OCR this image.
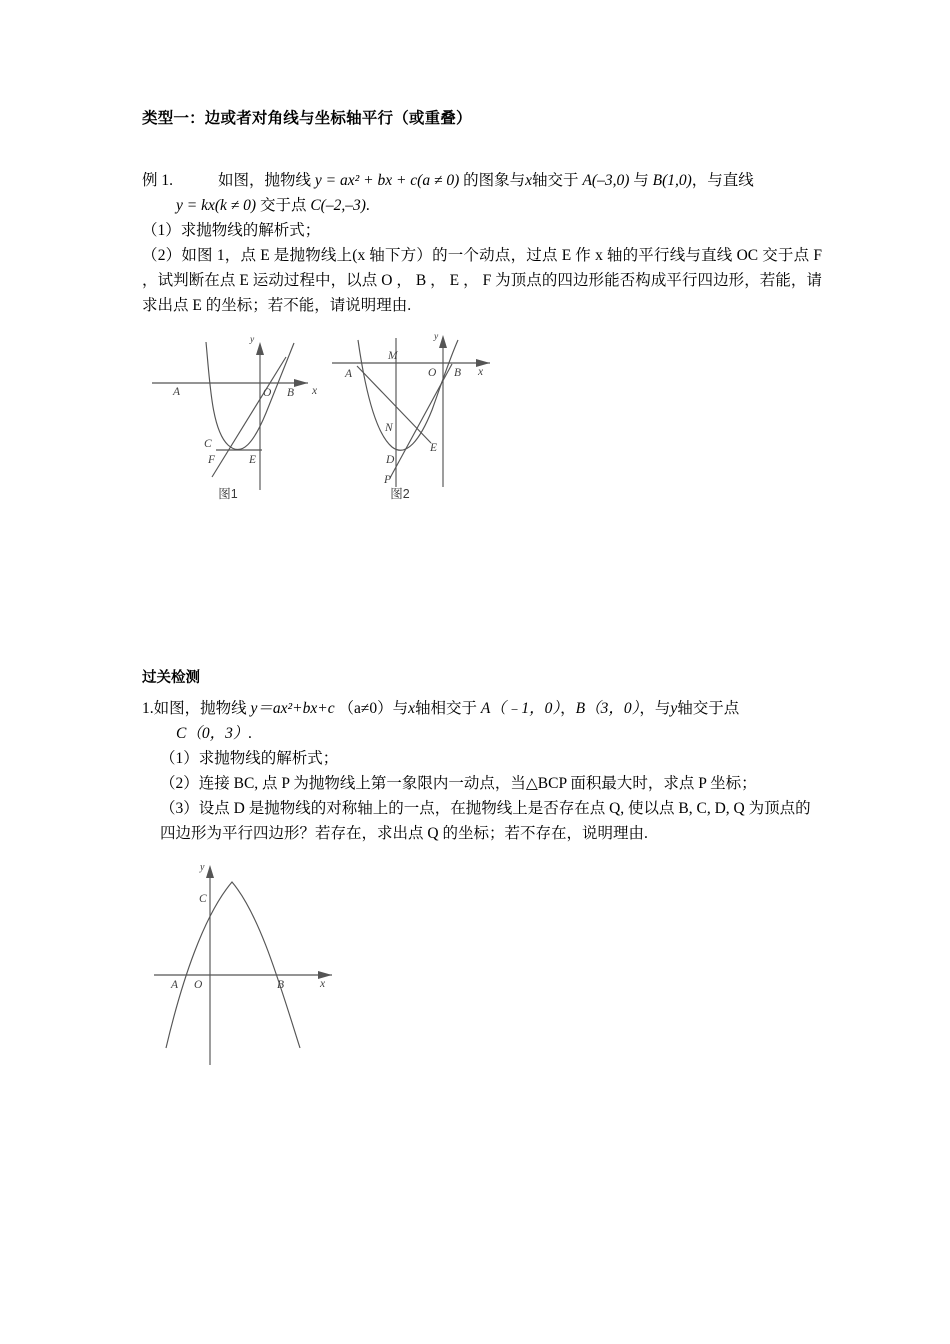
类型一：边或者对角线与坐标轴平行（或重叠）
例 1.	如图，抛物线 y = ax² + bx + c(a ≠ 0) 的图象与x轴交于 A(–3,0) 与 B(1,0)，与直线
y = kx(k ≠ 0) 交于点 C(–2,–3).
（1）求抛物线的解析式；
（2）如图 1，点 E 是抛物线上(x 轴下方）的一个动点，过点 E 作 x 轴的平行线与直线 OC 交于点 F ，试判断在点 E 运动过程中，以点 O ， B ， E ， F 为顶点的四边形能否构成平行四边形，若能，请求出点 E 的坐标；若不能，请说明理由.
A	O B x
y
C
F	E
图1
A
M
O B x
y
N
E
D
P
图2
过关检测
1.如图，抛物线 y＝ax²+bx+c （a≠0）与x轴相交于 A（﹣1，0），B（3，0），与y轴交于点
C（0，3）.
（1）求抛物线的解析式；
（2）连接 BC, 点 P 为抛物线上第一象限内一动点，当△BCP 面积最大时，求点 P 坐标；
（3）设点 D 是抛物线的对称轴上的一点，在抛物线上是否存在点 Q, 使以点 B, C, D, Q 为顶点的四边形为平行四边形？若存在，求出点 Q 的坐标；若不存在，说明理由.
y
C
A O	B	x
